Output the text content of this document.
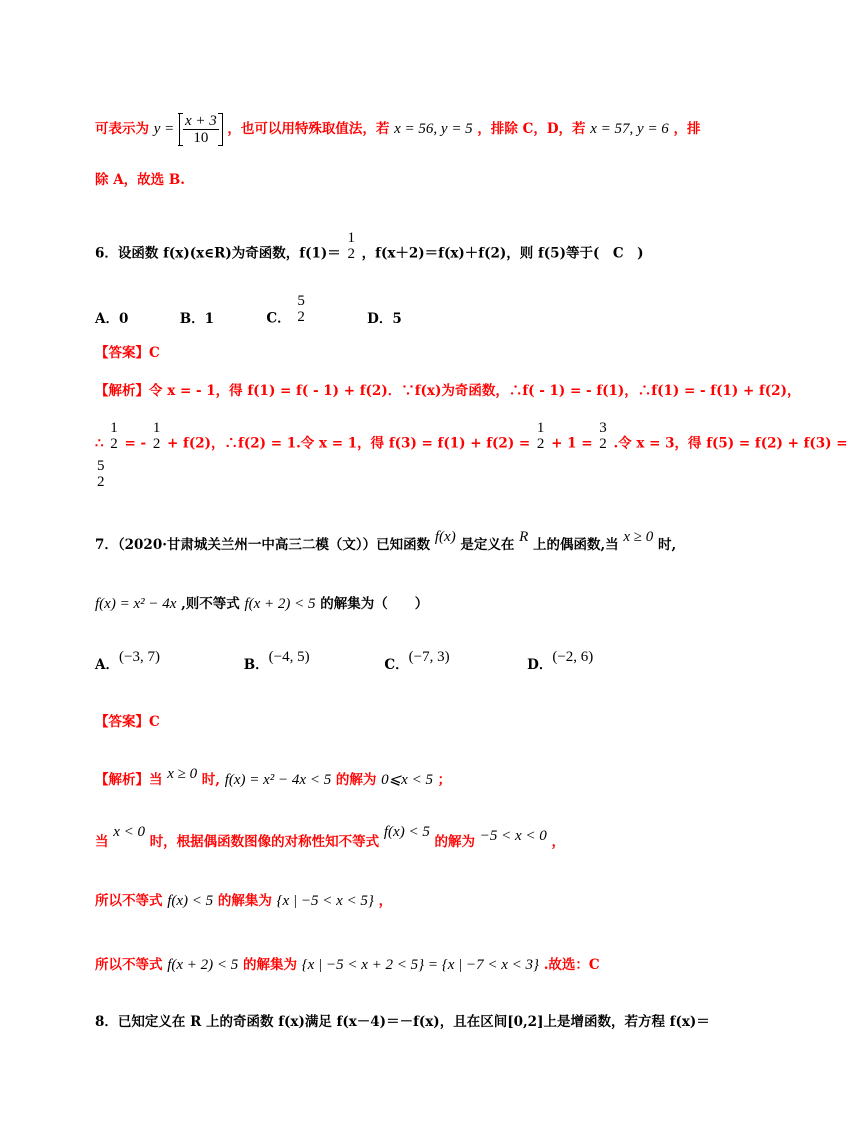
可表示为 $y = \frac{x + 3}{10}$ ，也可以用特殊取值法，若 x = 56, y = 5 ，排除 C，D，若 x = 57, y = 6 ，排
除 A，故选 B.
6．设函数 f(x)(x∈R)为奇函数，f(1)＝
1
2 ，f(x＋2)＝f(x)＋f(2)，则 f(5)等于(　C　)
A．0	B．1	C．
5
2	D．5
【答案】C
【解析】令 x = - 1，得 f(1) = f( - 1) + f(2)．∵f(x)为奇函数，∴f( - 1) = - f(1)，∴f(1) = - f(1) + f(2)，
∴
1
2 = -
1
2 + f(2)，∴f(2) = 1.令 x = 1，得 f(3) = f(1) + f(2) =
1
2 + 1 =
3
2 .令 x = 3，得 f(5) = f(2) + f(3) =
5
2
7．（2020·甘肃城关兰州一中高三二模（文））已知函数 f(x) 是定义在 R 上的偶函数,当 x ≥ 0 时,
f(x) = x² − 4x ,则不等式 f(x + 2) < 5 的解集为（　　）
A．(−3, 7)	B．(−4, 5)	C．(−7, 3)	D．(−2, 6)
【答案】C
【解析】当 x ≥ 0 时, f(x) = x² − 4x < 5 的解为 0⩽x < 5 ；
当 x < 0 时，根据偶函数图像的对称性知不等式 f(x) < 5 的解为 −5 < x < 0 ，
所以不等式 f(x) < 5 的解集为 {x | −5 < x < 5} ，
所以不等式 f(x + 2) < 5 的解集为 {x | −5 < x + 2 < 5} = {x | −7 < x < 3} .故选：C
8．已知定义在 R 上的奇函数 f(x)满足 f(x－4)＝－f(x)，且在区间[0,2]上是增函数，若方程 f(x)＝
